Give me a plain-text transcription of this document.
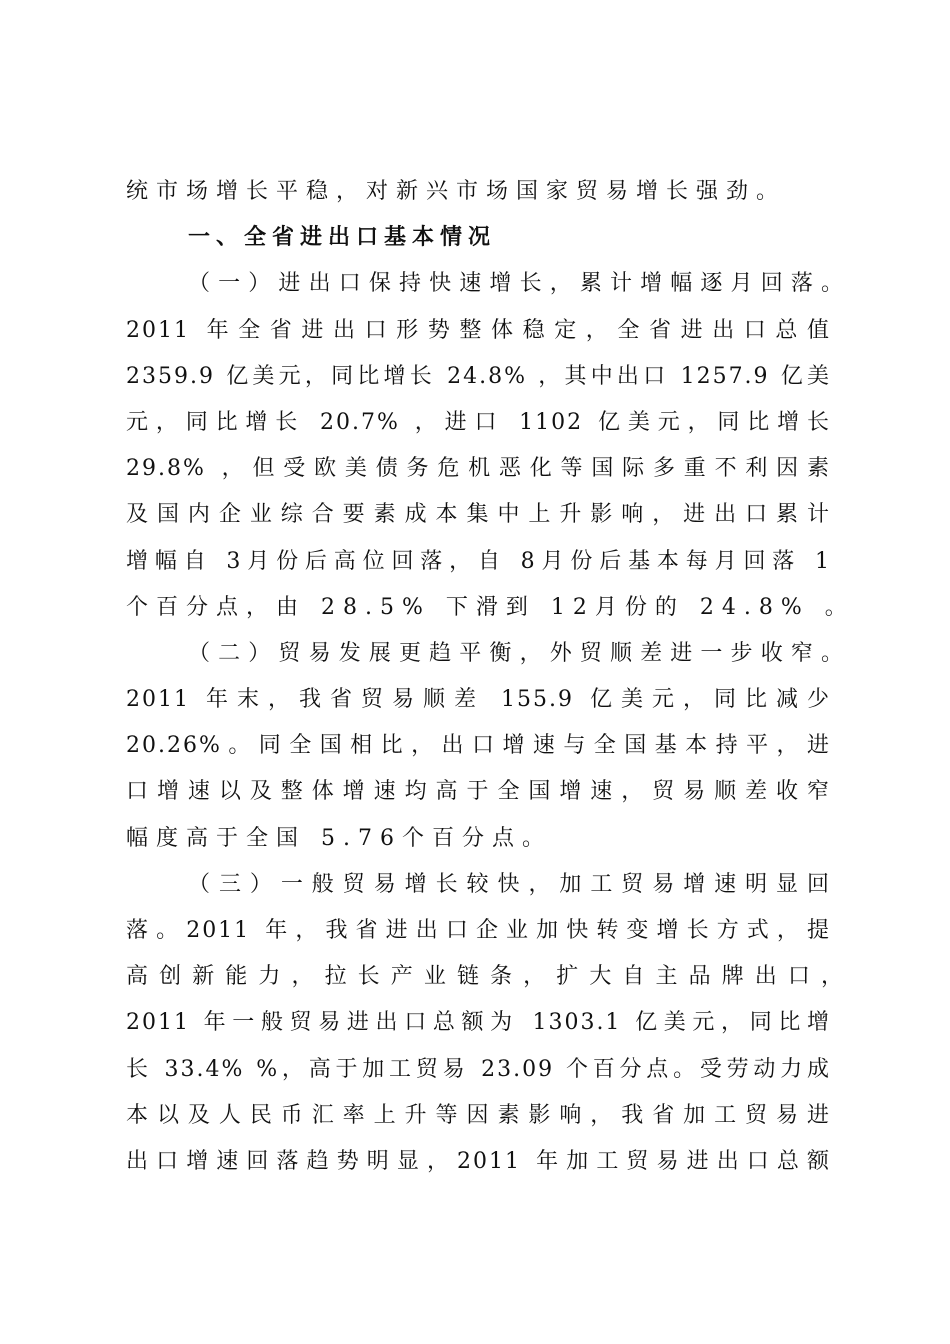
统市场增长平稳，对新兴市场国家贸易增长强劲。
一、全省进出口基本情况
（一）进出口保持快速增长，累计增幅逐月回落。
2011 年全省进出口形势整体稳定，全省进出口总值
2359.9 亿美元，同比增长 24.8% ，其中出口 1257.9 亿美
元，同比增长 20.7% ，进口 1102 亿美元，同比增长
29.8% ，但受欧美债务危机恶化等国际多重不利因素
及国内企业综合要素成本集中上升影响，进出口累计
增幅自 3月份后高位回落，自 8月份后基本每月回落 1
个百分点，由 28.5% 下滑到 12月份的 24.8% 。
（二）贸易发展更趋平衡，外贸顺差进一步收窄。
2011 年末，我省贸易顺差 155.9 亿美元，同比减少
20.26%。同全国相比，出口增速与全国基本持平，进
口增速以及整体增速均高于全国增速，贸易顺差收窄
幅度高于全国 5.76个百分点。
（三）一般贸易增长较快，加工贸易增速明显回
落。2011 年，我省进出口企业加快转变增长方式，提
高创新能力，拉长产业链条，扩大自主品牌出口，
2011 年一般贸易进出口总额为 1303.1 亿美元，同比增
长 33.4% %，高于加工贸易 23.09 个百分点。受劳动力成
本以及人民币汇率上升等因素影响，我省加工贸易进
出口增速回落趋势明显，2011 年加工贸易进出口总额
